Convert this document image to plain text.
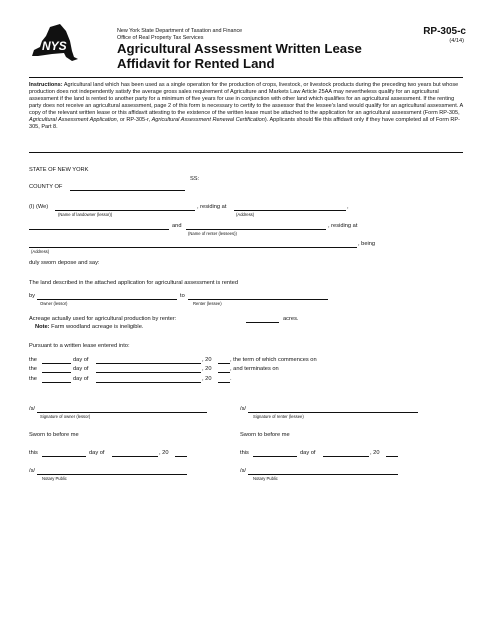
NYS
New York State Department of Taxation and Finance
Office of Real Property Tax Services
Agricultural Assessment Written Lease
Affidavit for Rented Land
RP-305-c
(4/14)
Instructions: Agricultural land which has been used as a single operation for the production of crops, livestock, or livestock products during the preceding two years but whose production does not independently satisfy the average gross sales requirement of Agriculture and Markets Law Article 25AA may nevertheless qualify for an agricultural assessment if the land is rented to another party for a minimum of five years for use in conjunction with other land which qualifies for an agricultural assessment. If the renting party does not receive an agricultural assessment, page 2 of this form is necessary to certify to the assessor that the lessee's land would qualify for an agricultural assessment. A copy of the relevant written lease or this affidavit attesting to the existence of the written lease must be attached to the application for an agricultural assessment (Form RP-305, Agricultural Assessment Application, or RP-305-r, Agricultural Assessment Renewal Certification). Applicants should file this affidavit only if they have completed all of Form RP-305, Part 8.
STATE OF NEW YORK
SS:
COUNTY OF
(I) (We)	, residing at	,
(Name of landowner (lessor))	(Address)
and	, residing at
(Name of renter (lessees))
, being
(Address)
duly sworn depose and say:
The land described in the attached application for agricultural assessment is rented
by	to
Owner (lessor)	Renter (lessee)
Acreage actually used for agricultural production by renter:	acres.
Note: Farm woodland acreage is ineligible.
Pursuant to a written lease entered into:
the	day of	, 20	, the term of which commences on
the	day of	, 20	, and terminates on
the	day of	, 20	.
/s/
Signature of owner (lessor)
/s/
Signature of renter (lessee)
Sworn to before me	Sworn to before me
this	day of	, 20	this	day of	, 20
/s/
Notary Public
/s/
Notary Public
